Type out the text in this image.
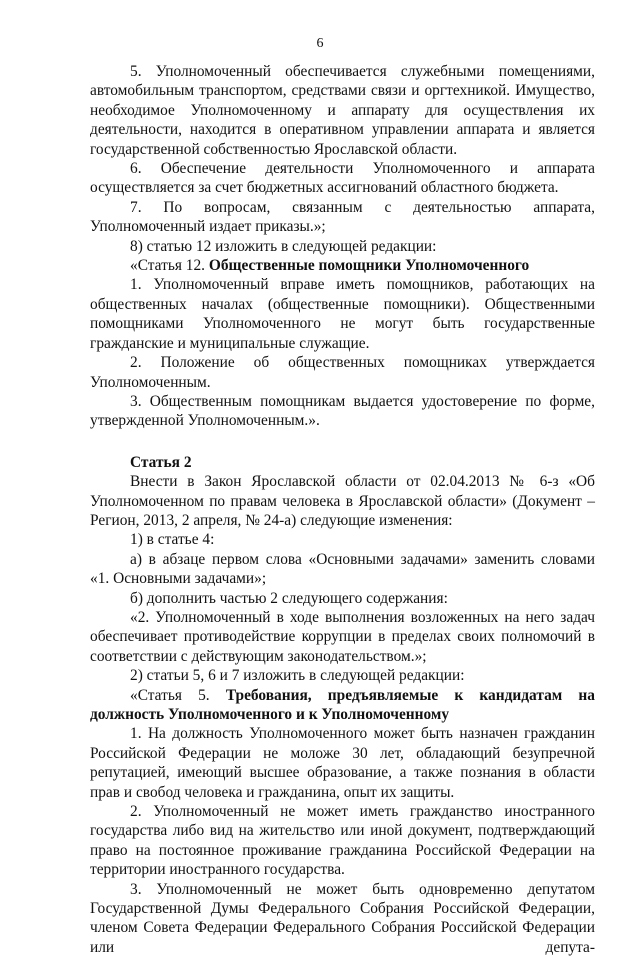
6

5. Уполномоченный обеспечивается служебными помещениями, автомобильным транспортом, средствами связи и оргтехникой. Имущество, необходимое Уполномоченному и аппарату для осуществления их деятельности, находится в оперативном управлении аппарата и является государственной собственностью Ярославской области.

6. Обеспечение деятельности Уполномоченного и аппарата осуществляется за счет бюджетных ассигнований областного бюджета.

7. По вопросам, связанным с деятельностью аппарата, Уполномоченный издает приказы.»;

8) статью 12 изложить в следующей редакции:

«Статья 12. Общественные помощники Уполномоченного

1. Уполномоченный вправе иметь помощников, работающих на общественных началах (общественные помощники). Общественными помощниками Уполномоченного не могут быть государственные гражданские и муниципальные служащие.

2. Положение об общественных помощниках утверждается Уполномоченным.

3. Общественным помощникам выдается удостоверение по форме, утвержденной Уполномоченным.».

Статья 2

Внести в Закон Ярославской области от 02.04.2013 № 6-з «Об Уполномоченном по правам человека в Ярославской области» (Документ – Регион, 2013, 2 апреля, № 24-а) следующие изменения:

1) в статье 4:

а) в абзаце первом слова «Основными задачами» заменить словами «1. Основными задачами»;

б) дополнить частью 2 следующего содержания:

«2. Уполномоченный в ходе выполнения возложенных на него задач обеспечивает противодействие коррупции в пределах своих полномочий в соответствии с действующим законодательством.»;

2) статьи 5, 6 и 7 изложить в следующей редакции:

«Статья 5. Требования, предъявляемые к кандидатам на должность Уполномоченного и к Уполномоченному

1. На должность Уполномоченного может быть назначен гражданин Российской Федерации не моложе 30 лет, обладающий безупречной репутацией, имеющий высшее образование, а также познания в области прав и свобод человека и гражданина, опыт их защиты.

2. Уполномоченный не может иметь гражданство иностранного государства либо вид на жительство или иной документ, подтверждающий право на постоянное проживание гражданина Российской Федерации на территории иностранного государства.

3. Уполномоченный не может быть одновременно депутатом Государственной Думы Федерального Собрания Российской Федерации, членом Совета Федерации Федерального Собрания Российской Федерации или депута-
